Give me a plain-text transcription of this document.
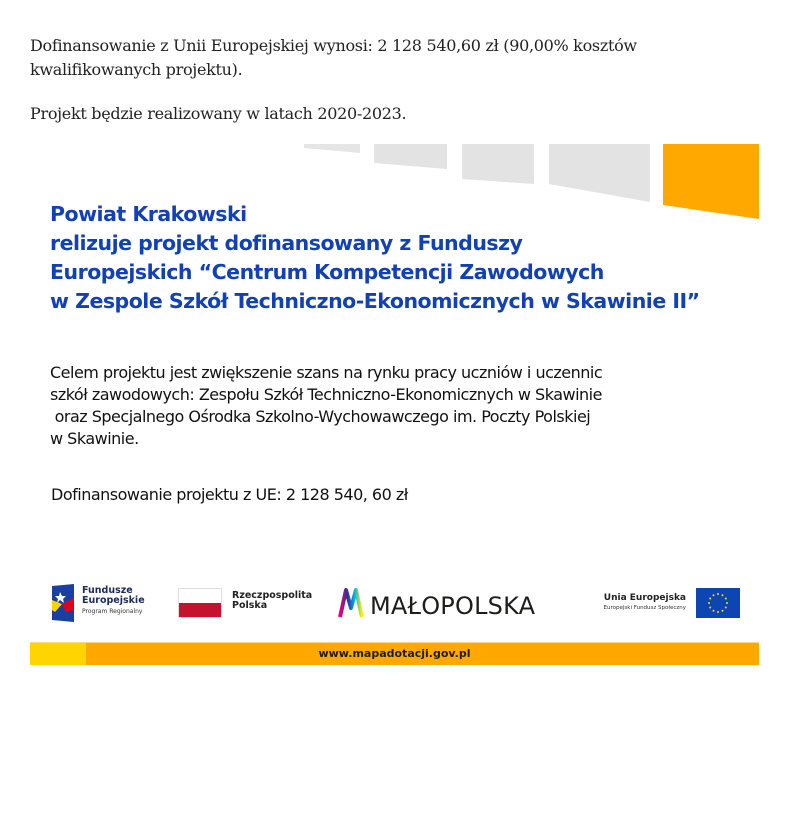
Dofinansowanie z Unii Europejskiej wynosi: 2 128 540,60 zł (90,00% kosztów kwalifikowanych projektu).

Projekt będzie realizowany w latach 2020-2023.

Powiat Krakowski
relizuje projekt dofinansowany z Funduszy
Europejskich “Centrum Kompetencji Zawodowych
w Zespole Szkół Techniczno-Ekonomicznych w Skawinie II”

Celem projektu jest zwiększenie szans na rynku pracy uczniów i uczennic
szkół zawodowych: Zespołu Szkół Techniczno-Ekonomicznych w Skawinie
oraz Specjalnego Ośrodka Szkolno-Wychowawczego im. Poczty Polskiej
w Skawinie.

Dofinansowanie projektu z UE: 2 128 540, 60 zł

Fundusze
Europejskie
Program Regionalny
Rzeczpospolita
Polska	MAŁOPOLSKA	Unia Europejska
Europejski Fundusz Społeczny
www.mapadotacji.gov.pl
